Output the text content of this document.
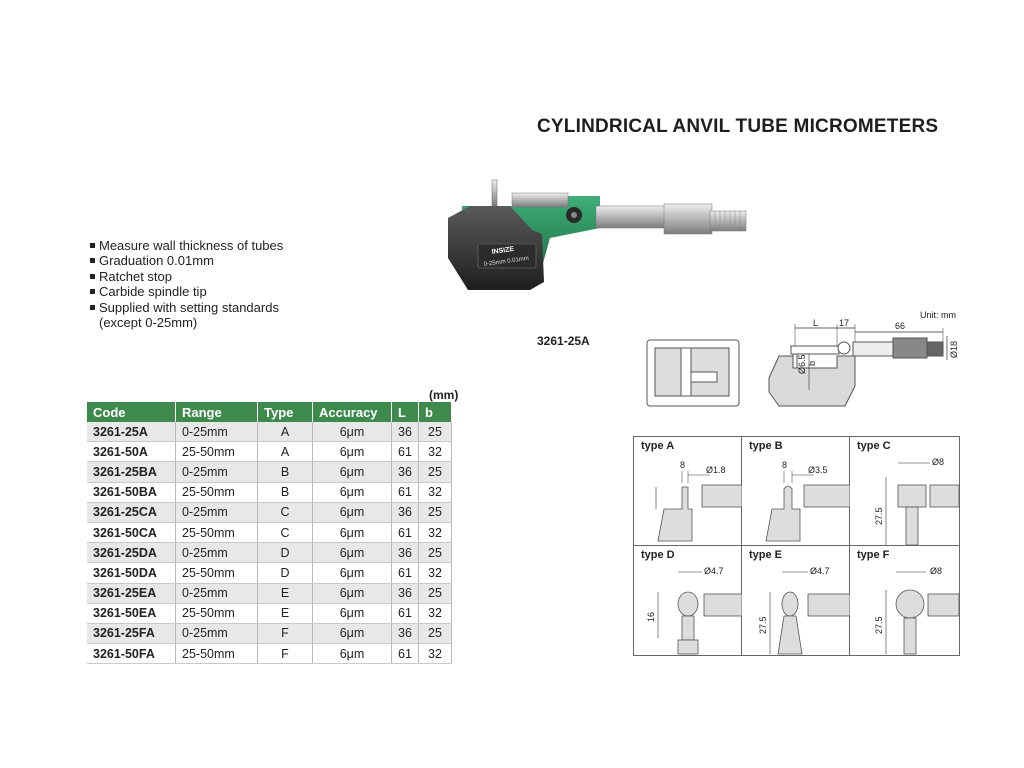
CYLINDRICAL ANVIL TUBE MICROMETERS
Measure wall thickness of tubes
Graduation 0.01mm
Ratchet stop
Carbide spindle tip
Supplied with setting standards
(except 0-25mm)
INSIZE
0-25mm 0.01mm
3261-25A
L 17	66
Ø6.5 b
Ø18
Unit: mm
(mm)
Code	Range	Type	Accuracy	L	b
3261-25A	0-25mm	A	6μm	36	25
3261-50A	25-50mm	A	6μm	61	32
3261-25BA	0-25mm	B	6μm	36	25
3261-50BA	25-50mm	B	6μm	61	32
3261-25CA	0-25mm	C	6μm	36	25
3261-50CA	25-50mm	C	6μm	61	32
3261-25DA	0-25mm	D	6μm	36	25
3261-50DA	25-50mm	D	6μm	61	32
3261-25EA	0-25mm	E	6μm	36	25
3261-50EA	25-50mm	E	6μm	61	32
3261-25FA	0-25mm	F	6μm	36	25
3261-50FA	25-50mm	F	6μm	61	32
type A
8 Ø1.8
type B
8 Ø3.5
type C
Ø8
27.5
type D
Ø4.7
16
type E
Ø4.7
27.5
type F
Ø8
27.5
